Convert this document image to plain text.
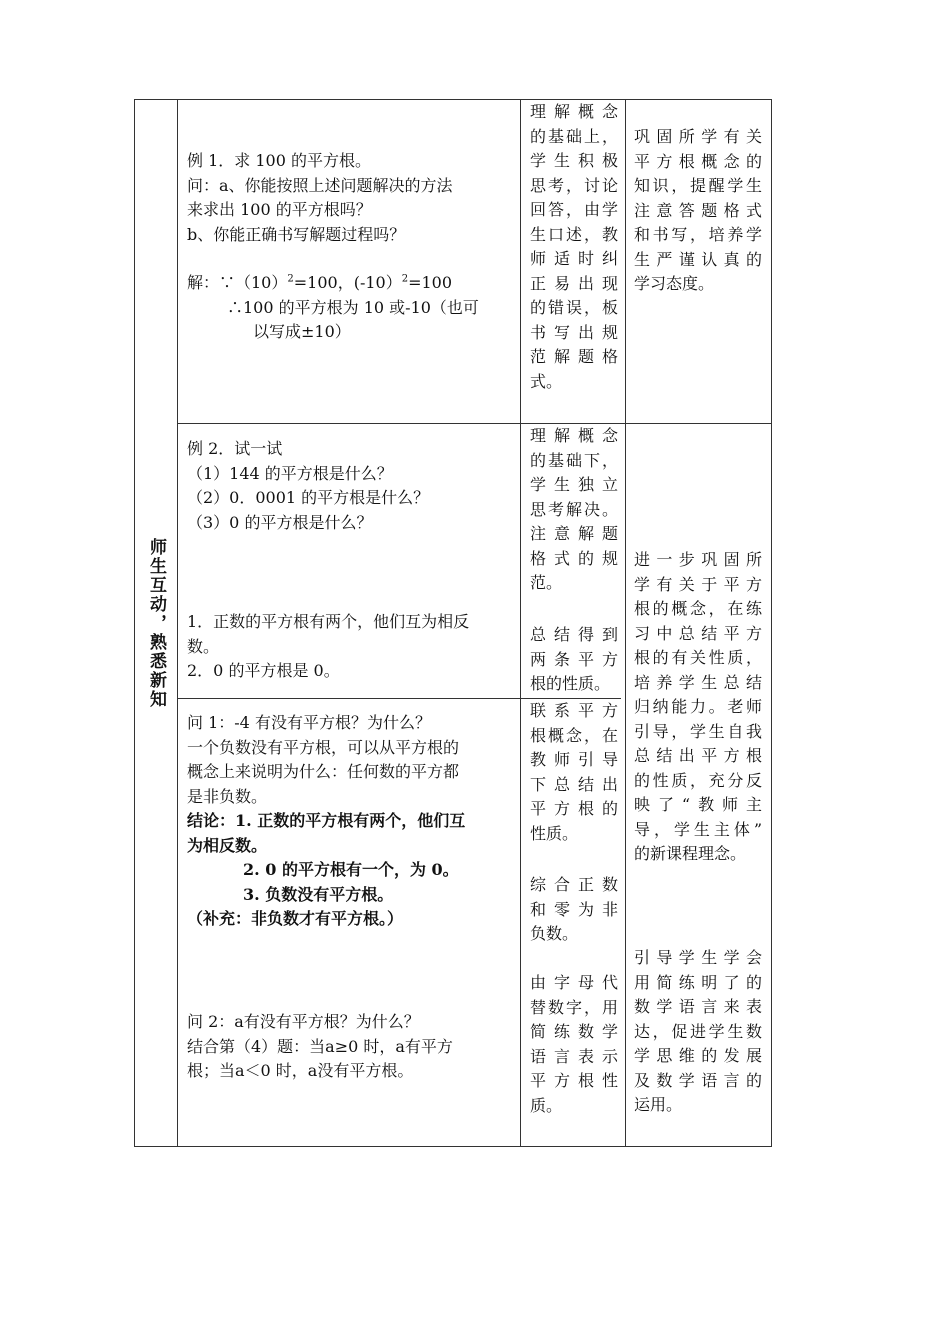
师生互动，熟悉新知

例 1．求 100 的平方根。

问：a、你能按照上述问题解决的方法

来求出 100 的平方根吗？

b、你能正确书写解题过程吗？

解：$\because(10)^2=100$，(-10）$^2$=100

∴100 的平方根为 10 或-10（也可

以写成±10）

理解概念

的基础上，

学生积极

思考，讨论

回答，由学

生口述，教

师适时纠

正易出现

的错误，板

书写出规

范解题格

式。

巩固所学有关

平方根概念的

知识，提醒学生

注意答题格式

和书写，培养学

生严谨认真的

学习态度。

例 2．试一试

（1）144 的平方根是什么？

（2）0．0001 的平方根是什么？

（3）0 的平方根是什么？

1．正数的平方根有两个，他们互为相反

数。

2．0 的平方根是 0。

理解概念

的基础下，

学生独立

思考解决。

注意解题

格式的规

范。

总结得到

两条平方

根的性质。

问 1：-4 有没有平方根？为什么？

一个负数没有平方根，可以从平方根的

概念上来说明为什么：任何数的平方都

是非负数。

结论：1. 正数的平方根有两个，他们互

为相反数。

2. 0 的平方根有一个，为 0。

3. 负数没有平方根。

（补充：非负数才有平方根。）

问 2：a有没有平方根？为什么？

结合第（4）题：当a≥0 时，a有平方

根；当a＜0 时，a没有平方根。

联系平方

根概念，在

教师引导

下总结出

平方根的

性质。

综合正数

和零为非

负数。

由字母代

替数字，用

简练数学

语言表示

平方根性

质。

进一步巩固所

学有关于平方

根的概念，在练

习中总结平方

根的有关性质，

培养学生总结

归纳能力。老师

引导，学生自我

总结出平方根

的性质，充分反

映了“教师主

导，学生主体”

的新课程理念。

引导学生学会

用简练明了的

数学语言来表

达，促进学生数

学思维的发展

及数学语言的

运用。
